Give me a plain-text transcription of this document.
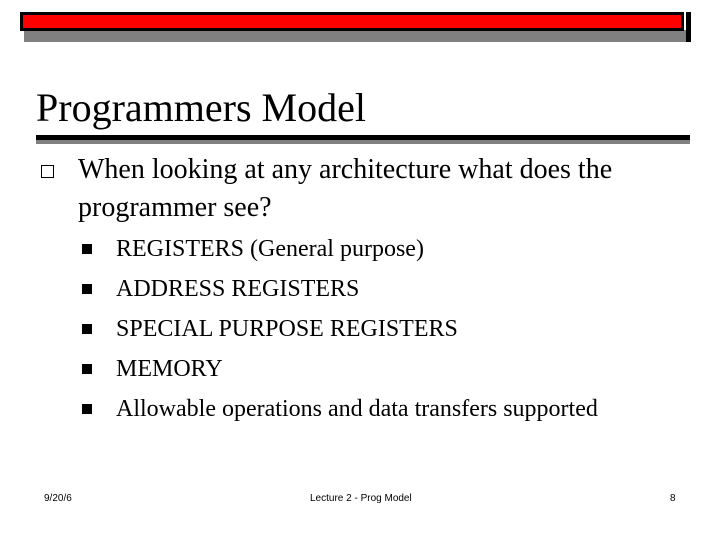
Programmers Model
When looking at any architecture what does the programmer see?
REGISTERS (General purpose)
ADDRESS REGISTERS
SPECIAL PURPOSE REGISTERS
MEMORY
Allowable operations and data transfers supported
9/20/6	Lecture 2 - Prog Model	8
